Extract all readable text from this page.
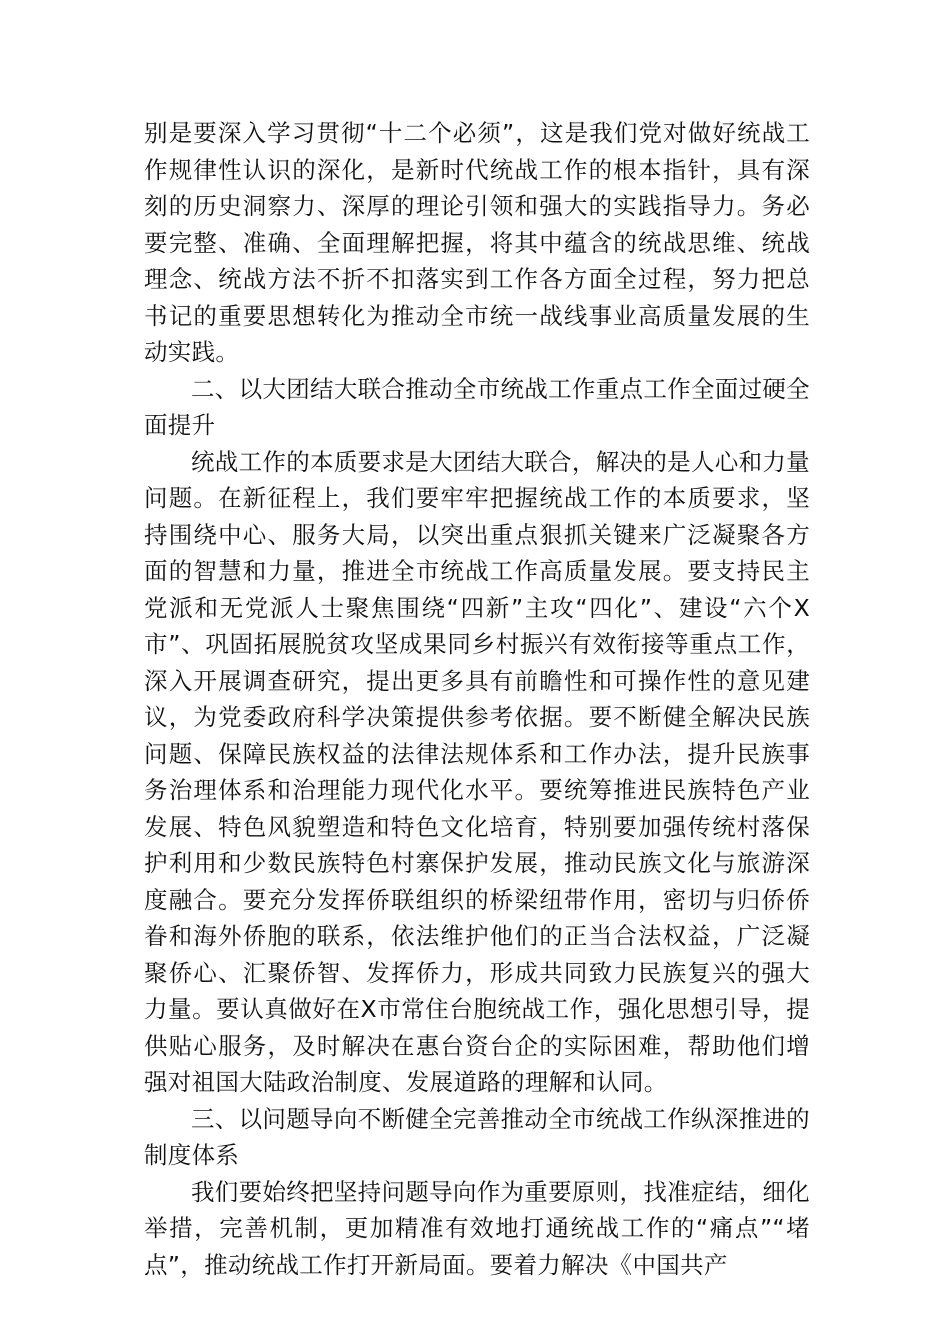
别是要深入学习贯彻“十二个必须”，这是我们党对做好统战工作规律性认识的深化，是新时代统战工作的根本指针，具有深刻的历史洞察力、深厚的理论引领和强大的实践指导力。务必要完整、准确、全面理解把握，将其中蕴含的统战思维、统战理念、统战方法不折不扣落实到工作各方面全过程，努力把总书记的重要思想转化为推动全市统一战线事业高质量发展的生动实践。

二、以大团结大联合推动全市统战工作重点工作全面过硬全面提升

统战工作的本质要求是大团结大联合，解决的是人心和力量问题。在新征程上，我们要牢牢把握统战工作的本质要求，坚持围绕中心、服务大局，以突出重点狠抓关键来广泛凝聚各方面的智慧和力量，推进全市统战工作高质量发展。要支持民主党派和无党派人士聚焦围绕“四新”主攻“四化”、建设“六个X市”、巩固拓展脱贫攻坚成果同乡村振兴有效衔接等重点工作，深入开展调查研究，提出更多具有前瞻性和可操作性的意见建议，为党委政府科学决策提供参考依据。要不断健全解决民族问题、保障民族权益的法律法规体系和工作办法，提升民族事务治理体系和治理能力现代化水平。要统筹推进民族特色产业发展、特色风貌塑造和特色文化培育，特别要加强传统村落保护利用和少数民族特色村寨保护发展，推动民族文化与旅游深度融合。要充分发挥侨联组织的桥梁纽带作用，密切与归侨侨眷和海外侨胞的联系，依法维护他们的正当合法权益，广泛凝聚侨心、汇聚侨智、发挥侨力，形成共同致力民族复兴的强大力量。要认真做好在X市常住台胞统战工作，强化思想引导，提供贴心服务，及时解决在惠台资台企的实际困难，帮助他们增强对祖国大陆政治制度、发展道路的理解和认同。

三、以问题导向不断健全完善推动全市统战工作纵深推进的制度体系

我们要始终把坚持问题导向作为重要原则，找准症结，细化举措，完善机制，更加精准有效地打通统战工作的“痛点”“堵点”，推动统战工作打开新局面。要着力解决《中国共产
